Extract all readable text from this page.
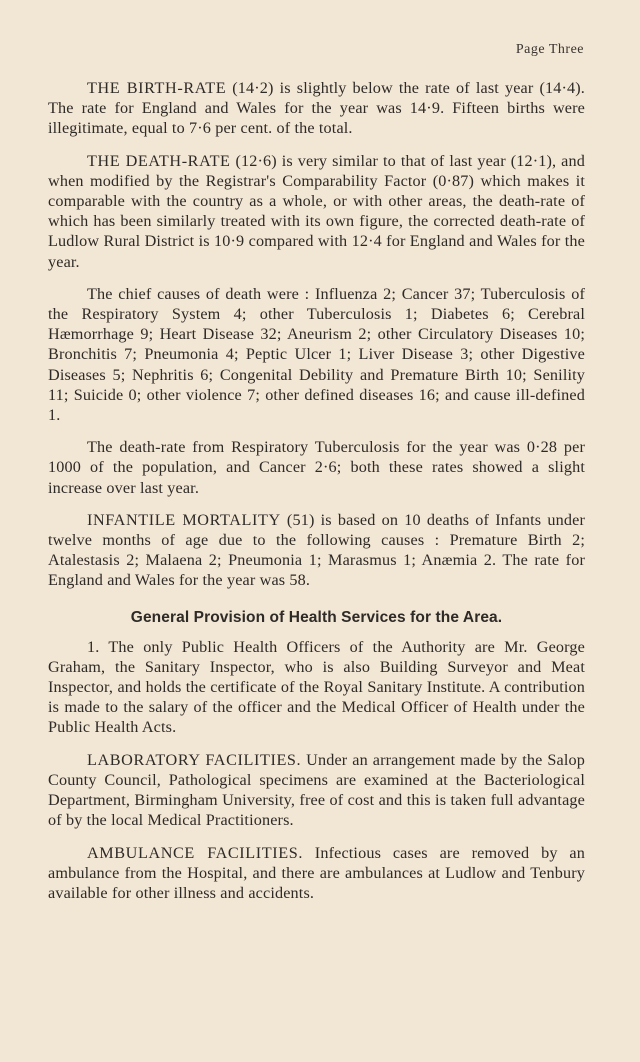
Page Three

THE BIRTH-RATE (14·2) is slightly below the rate of last year (14·4). The rate for England and Wales for the year was 14·9. Fifteen births were illegitimate, equal to 7·6 per cent. of the total.

THE DEATH-RATE (12·6) is very similar to that of last year (12·1), and when modified by the Registrar's Comparability Factor (0·87) which makes it comparable with the country as a whole, or with other areas, the death-rate of which has been similarly treated with its own figure, the corrected death-rate of Ludlow Rural District is 10·9 compared with 12·4 for England and Wales for the year.

The chief causes of death were : Influenza 2; Cancer 37; Tuberculosis of the Respiratory System 4; other Tuberculosis 1; Diabetes 6; Cerebral Hæmorrhage 9; Heart Disease 32; Aneurism 2; other Circulatory Diseases 10; Bronchitis 7; Pneumonia 4; Peptic Ulcer 1; Liver Disease 3; other Digestive Diseases 5; Nephritis 6; Congenital Debility and Premature Birth 10; Senility 11; Suicide 0; other violence 7; other defined diseases 16; and cause ill-defined 1.

The death-rate from Respiratory Tuberculosis for the year was 0·28 per 1000 of the population, and Cancer 2·6; both these rates showed a slight increase over last year.

INFANTILE MORTALITY (51) is based on 10 deaths of Infants under twelve months of age due to the following causes : Premature Birth 2; Atalestasis 2; Malaena 2; Pneumonia 1; Marasmus 1; Anæmia 2. The rate for England and Wales for the year was 58.

General Provision of Health Services for the Area.

1. The only Public Health Officers of the Authority are Mr. George Graham, the Sanitary Inspector, who is also Building Surveyor and Meat Inspector, and holds the certificate of the Royal Sanitary Institute. A contribution is made to the salary of the officer and the Medical Officer of Health under the Public Health Acts.

LABORATORY FACILITIES. Under an arrangement made by the Salop County Council, Pathological specimens are examined at the Bacteriological Department, Birmingham University, free of cost and this is taken full advantage of by the local Medical Practitioners.

AMBULANCE FACILITIES. Infectious cases are removed by an ambulance from the Hospital, and there are ambulances at Ludlow and Tenbury available for other illness and accidents.
